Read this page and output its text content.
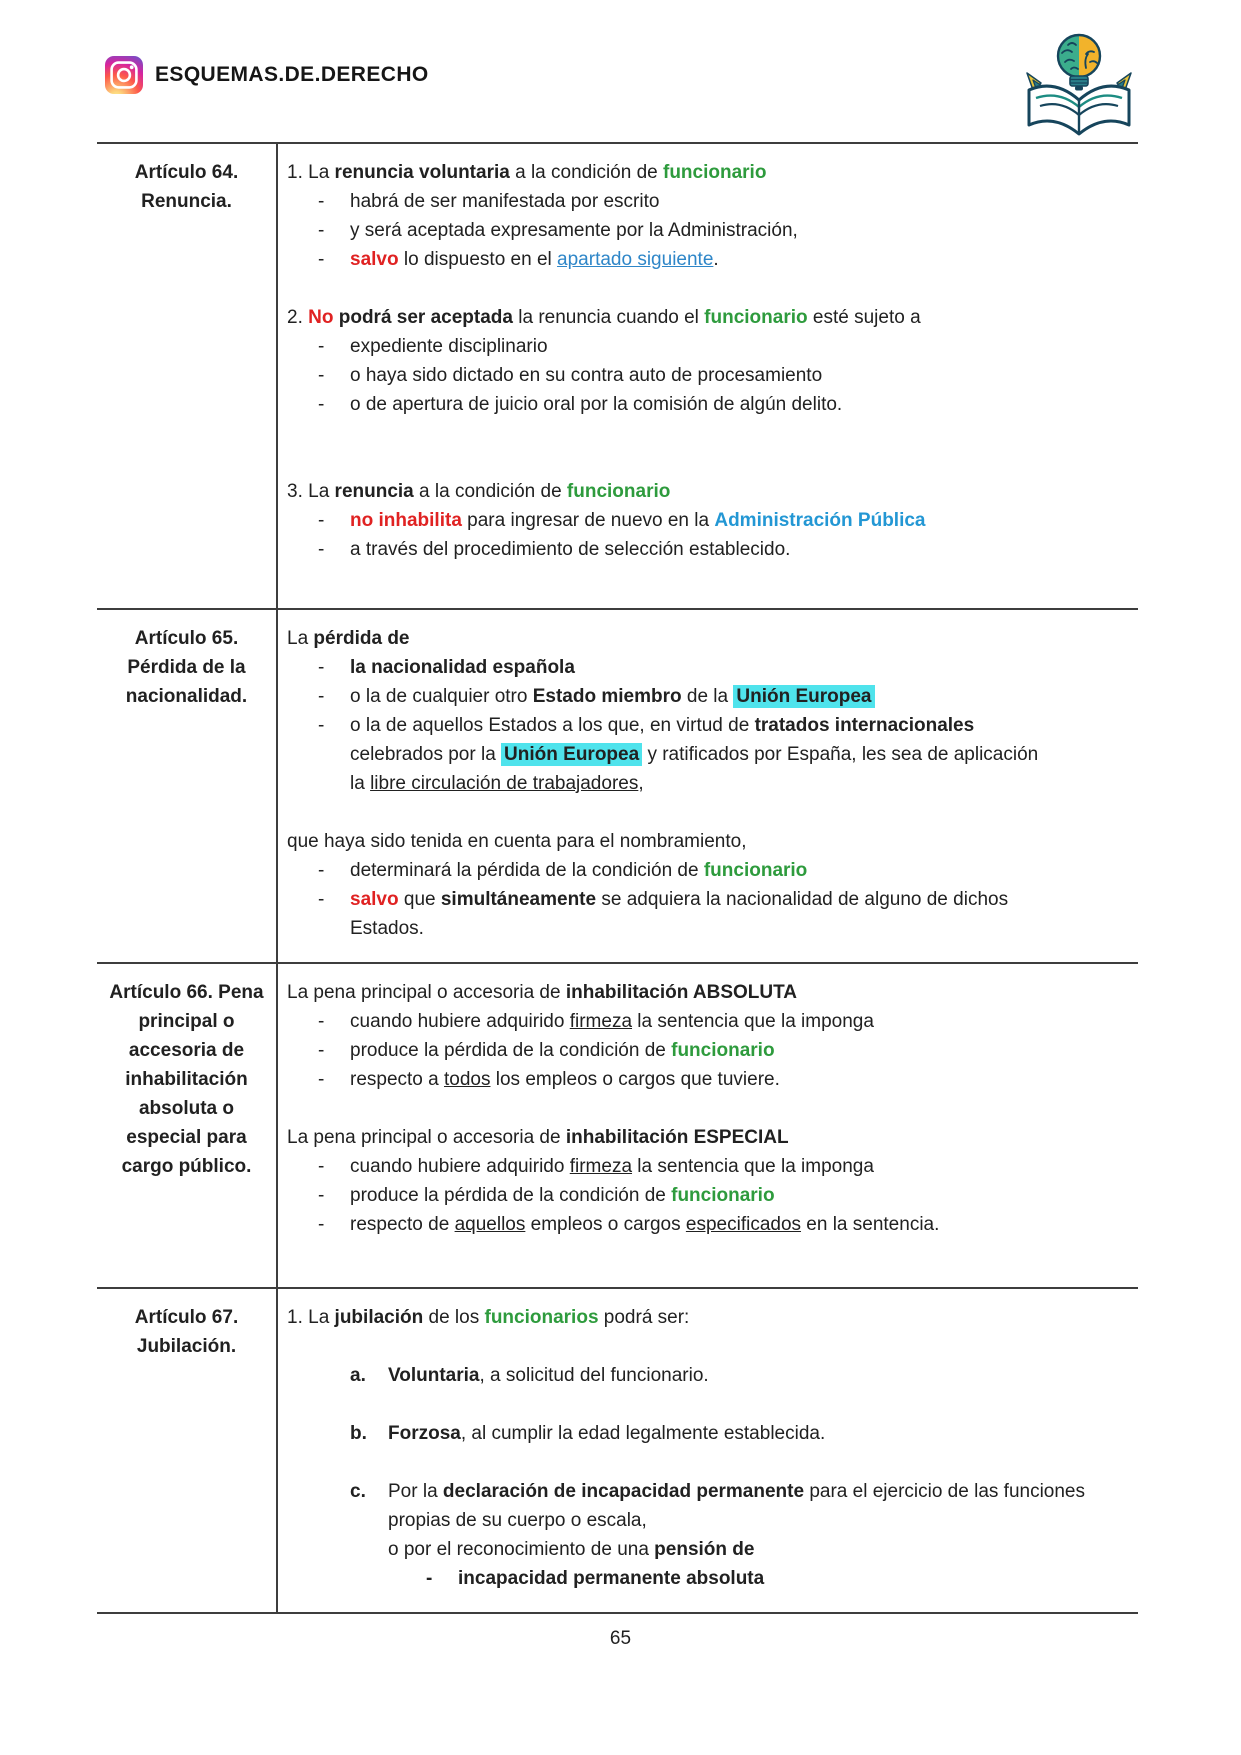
ESQUEMAS.DE.DERECHO
Artículo 64.
Renuncia.
1. La renuncia voluntaria a la condición de funcionario
- habrá de ser manifestada por escrito
- y será aceptada expresamente por la Administración,
- salvo lo dispuesto en el apartado siguiente.

2. No podrá ser aceptada la renuncia cuando el funcionario esté sujeto a
- expediente disciplinario
- o haya sido dictado en su contra auto de procesamiento
- o de apertura de juicio oral por la comisión de algún delito.

3. La renuncia a la condición de funcionario
- no inhabilita para ingresar de nuevo en la Administración Pública
- a través del procedimiento de selección establecido.
Artículo 65.
Pérdida de la
nacionalidad.
La pérdida de
- la nacionalidad española
- o la de cualquier otro Estado miembro de la Unión Europea
- o la de aquellos Estados a los que, en virtud de tratados internacionales
celebrados por la Unión Europea y ratificados por España, les sea de aplicación
la libre circulación de trabajadores,

que haya sido tenida en cuenta para el nombramiento,
- determinará la pérdida de la condición de funcionario
- salvo que simultáneamente se adquiera la nacionalidad de alguno de dichos
Estados.
Artículo 66. Pena
principal o
accesoria de
inhabilitación
absoluta o
especial para
cargo público.
La pena principal o accesoria de inhabilitación ABSOLUTA
- cuando hubiere adquirido firmeza la sentencia que la imponga
- produce la pérdida de la condición de funcionario
- respecto a todos los empleos o cargos que tuviere.

La pena principal o accesoria de inhabilitación ESPECIAL
- cuando hubiere adquirido firmeza la sentencia que la imponga
- produce la pérdida de la condición de funcionario
- respecto de aquellos empleos o cargos especificados en la sentencia.
Artículo 67.
Jubilación.
1. La jubilación de los funcionarios podrá ser:

a. Voluntaria, a solicitud del funcionario.

b. Forzosa, al cumplir la edad legalmente establecida.

c. Por la declaración de incapacidad permanente para el ejercicio de las funciones
propias de su cuerpo o escala,
o por el reconocimiento de una pensión de
- incapacidad permanente absoluta
65
